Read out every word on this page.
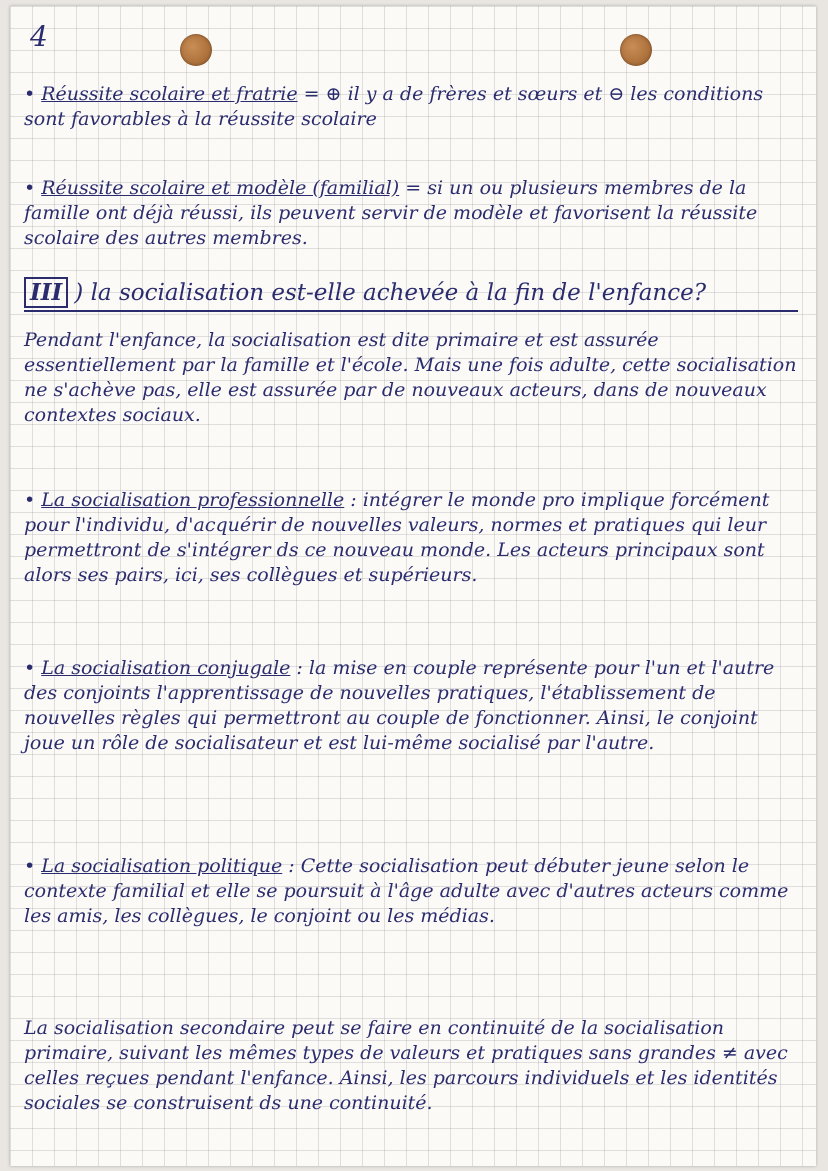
4

• Réussite scolaire et fratrie = ⊕ il y a de frères et sœurs et ⊖ les conditions sont favorables à la réussite scolaire

• Réussite scolaire et modèle (familial) = si un ou plusieurs membres de la famille ont déjà réussi, ils peuvent servir de modèle et favorisent la réussite scolaire des autres membres.

III ) la socialisation est-elle achevée à la fin de l'enfance?

Pendant l'enfance, la socialisation est dite primaire et est assurée essentiellement par la famille et l'école. Mais une fois adulte, cette socialisation ne s'achève pas, elle est assurée par de nouveaux acteurs, dans de nouveaux contextes sociaux.

• La socialisation professionnelle : intégrer le monde pro implique forcément pour l'individu, d'acquérir de nouvelles valeurs, normes et pratiques qui leur permettront de s'intégrer ds ce nouveau monde. Les acteurs principaux sont alors ses pairs, ici, ses collègues et supérieurs.

• La socialisation conjugale : la mise en couple représente pour l'un et l'autre des conjoints l'apprentissage de nouvelles pratiques, l'établissement de nouvelles règles qui permettront au couple de fonctionner. Ainsi, le conjoint joue un rôle de socialisateur et est lui-même socialisé par l'autre.

• La socialisation politique : Cette socialisation peut débuter jeune selon le contexte familial et elle se poursuit à l'âge adulte avec d'autres acteurs comme les amis, les collègues, le conjoint ou les médias.

La socialisation secondaire peut se faire en continuité de la socialisation primaire, suivant les mêmes types de valeurs et pratiques sans grandes ≠ avec celles reçues pendant l'enfance. Ainsi, les parcours individuels et les identités sociales se construisent ds une continuité.
